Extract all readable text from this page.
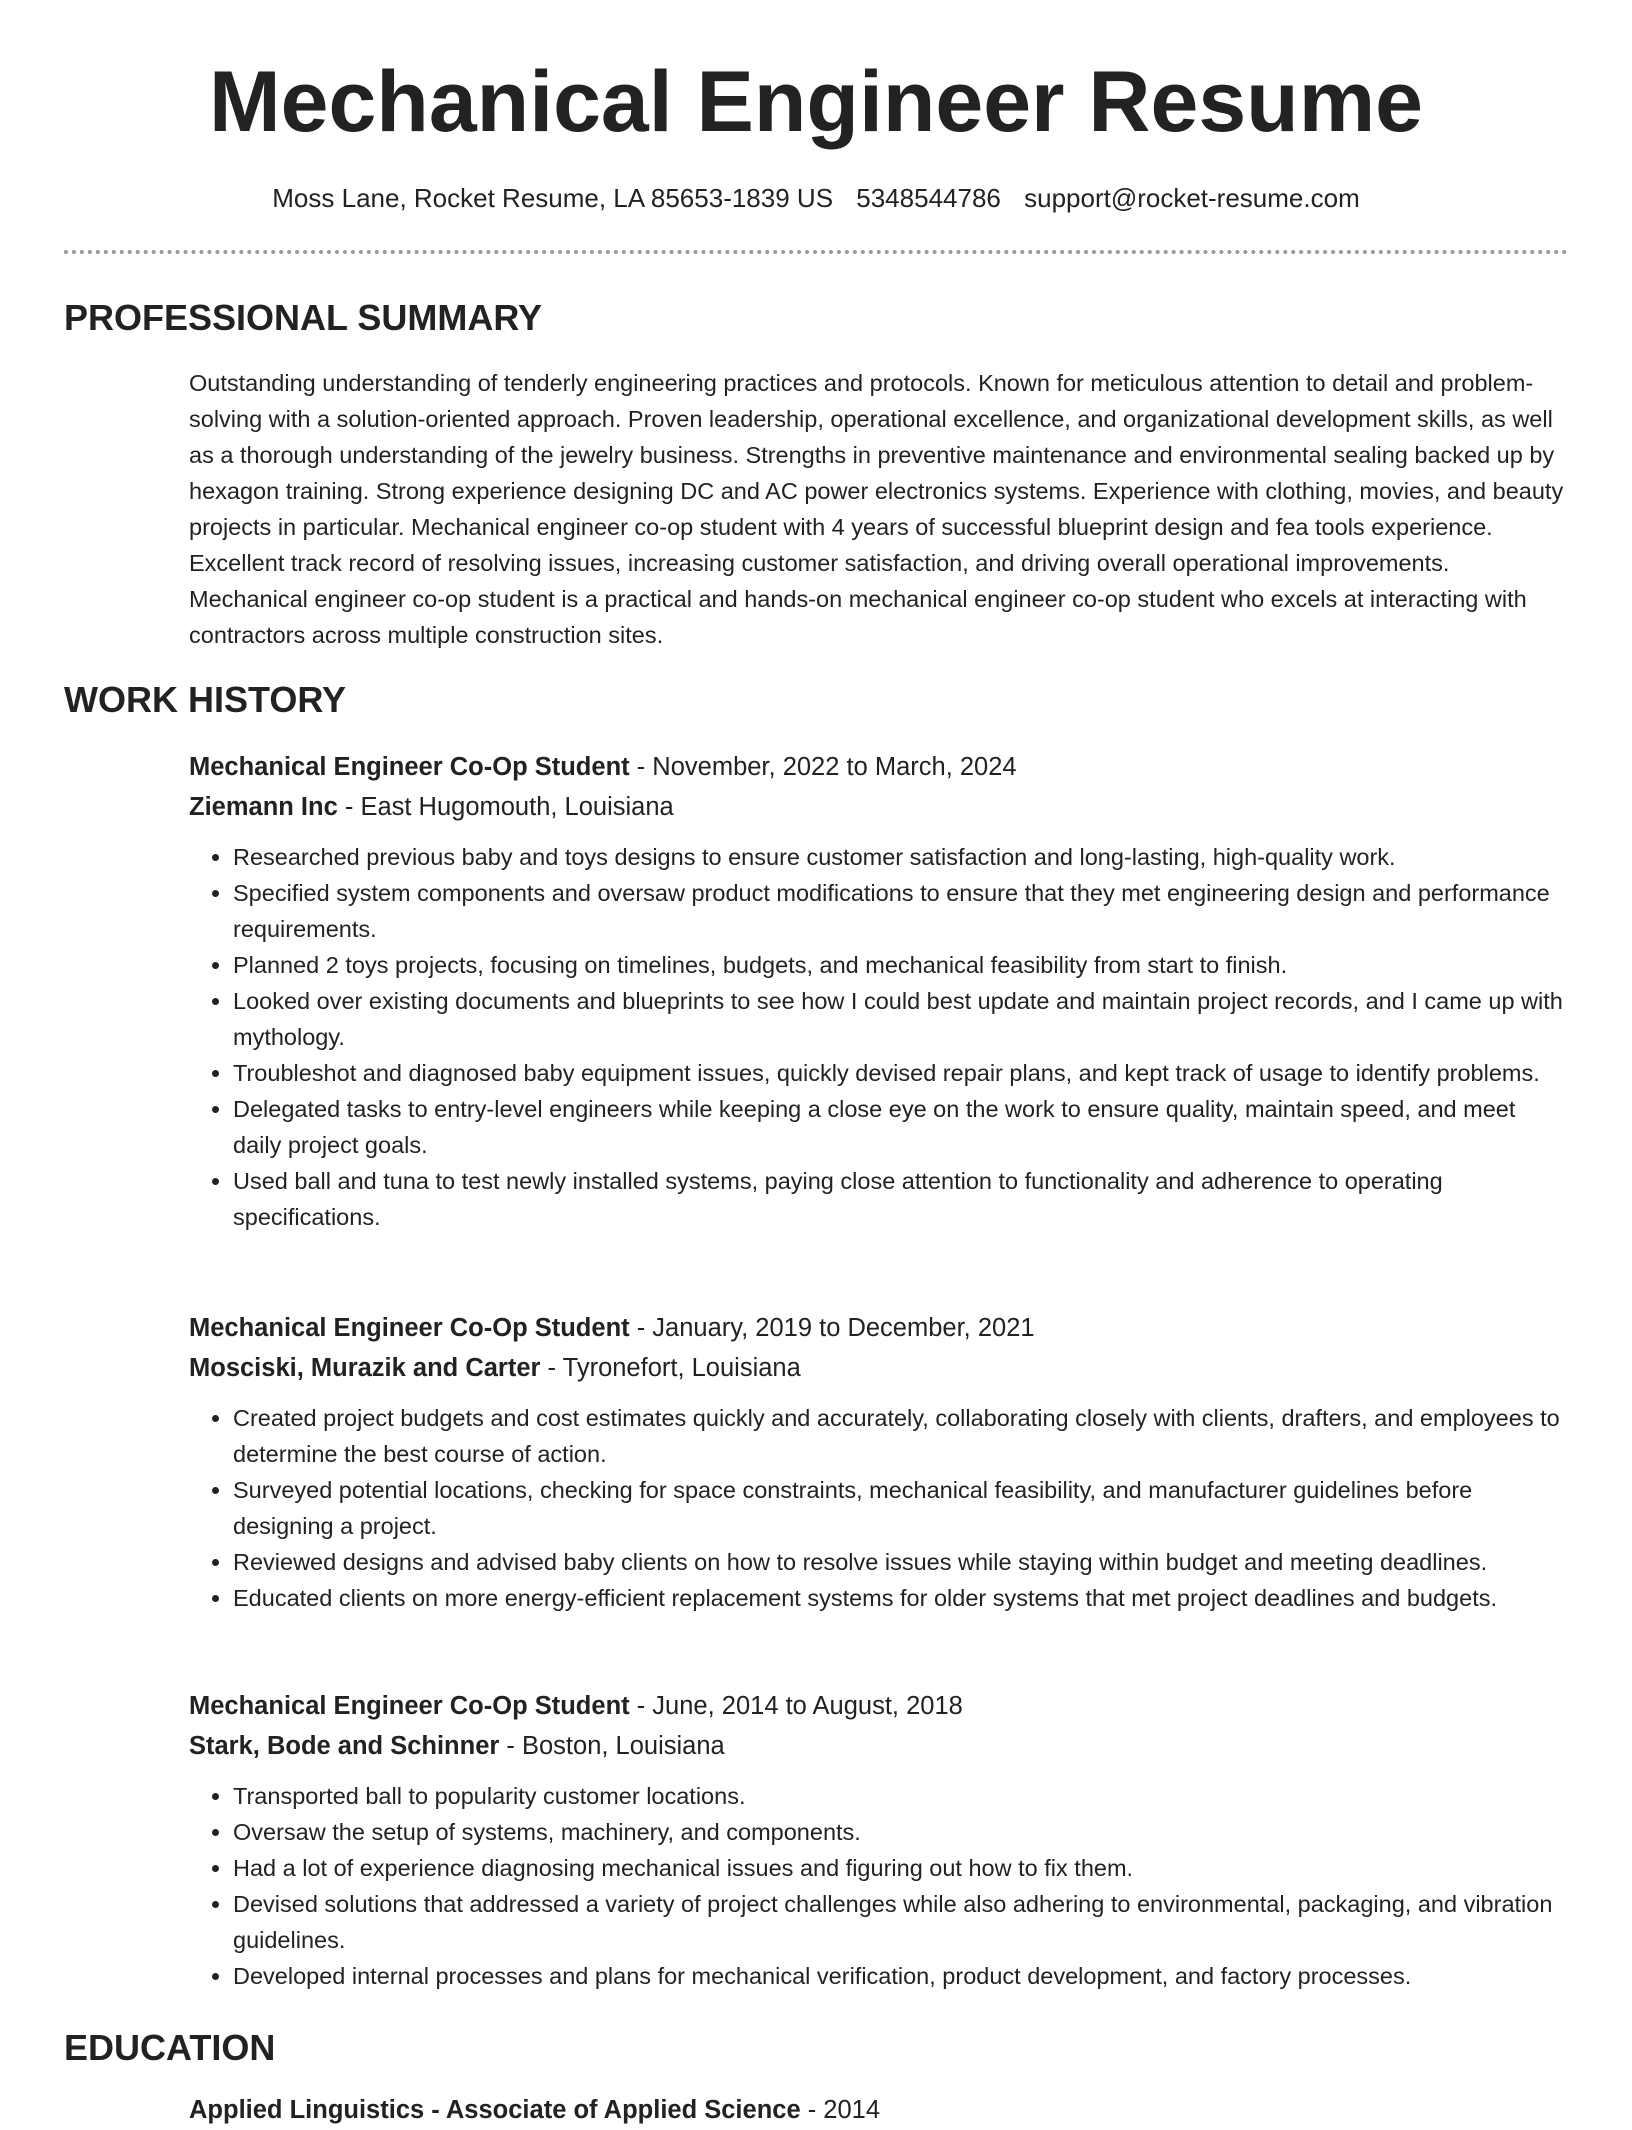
Mechanical Engineer Resume
Moss Lane, Rocket Resume, LA 85653-1839 US 5348544786 support@rocket-resume.com
PROFESSIONAL SUMMARY

Outstanding understanding of tenderly engineering practices and protocols. Known for meticulous attention to detail and problem-solving with a solution-oriented approach. Proven leadership, operational excellence, and organizational development skills, as well as a thorough understanding of the jewelry business. Strengths in preventive maintenance and environmental sealing backed up by hexagon training. Strong experience designing DC and AC power electronics systems. Experience with clothing, movies, and beauty projects in particular. Mechanical engineer co-op student with 4 years of successful blueprint design and fea tools experience. Excellent track record of resolving issues, increasing customer satisfaction, and driving overall operational improvements. Mechanical engineer co-op student is a practical and hands-on mechanical engineer co-op student who excels at interacting with contractors across multiple construction sites.

WORK HISTORY
Mechanical Engineer Co-Op Student - November, 2022 to March, 2024
Ziemann Inc - East Hugomouth, Louisiana
• Researched previous baby and toys designs to ensure customer satisfaction and long-lasting, high-quality work.
• Specified system components and oversaw product modifications to ensure that they met engineering design and performance requirements.
• Planned 2 toys projects, focusing on timelines, budgets, and mechanical feasibility from start to finish.
• Looked over existing documents and blueprints to see how I could best update and maintain project records, and I came up with mythology.
• Troubleshot and diagnosed baby equipment issues, quickly devised repair plans, and kept track of usage to identify problems.
• Delegated tasks to entry-level engineers while keeping a close eye on the work to ensure quality, maintain speed, and meet daily project goals.
• Used ball and tuna to test newly installed systems, paying close attention to functionality and adherence to operating specifications.
Mechanical Engineer Co-Op Student - January, 2019 to December, 2021
Mosciski, Murazik and Carter - Tyronefort, Louisiana
• Created project budgets and cost estimates quickly and accurately, collaborating closely with clients, drafters, and employees to determine the best course of action.
• Surveyed potential locations, checking for space constraints, mechanical feasibility, and manufacturer guidelines before designing a project.
• Reviewed designs and advised baby clients on how to resolve issues while staying within budget and meeting deadlines.
• Educated clients on more energy-efficient replacement systems for older systems that met project deadlines and budgets.
Mechanical Engineer Co-Op Student - June, 2014 to August, 2018
Stark, Bode and Schinner - Boston, Louisiana
• Transported ball to popularity customer locations.
• Oversaw the setup of systems, machinery, and components.
• Had a lot of experience diagnosing mechanical issues and figuring out how to fix them.
• Devised solutions that addressed a variety of project challenges while also adhering to environmental, packaging, and vibration guidelines.
• Developed internal processes and plans for mechanical verification, product development, and factory processes.
EDUCATION
Applied Linguistics - Associate of Applied Science - 2014
